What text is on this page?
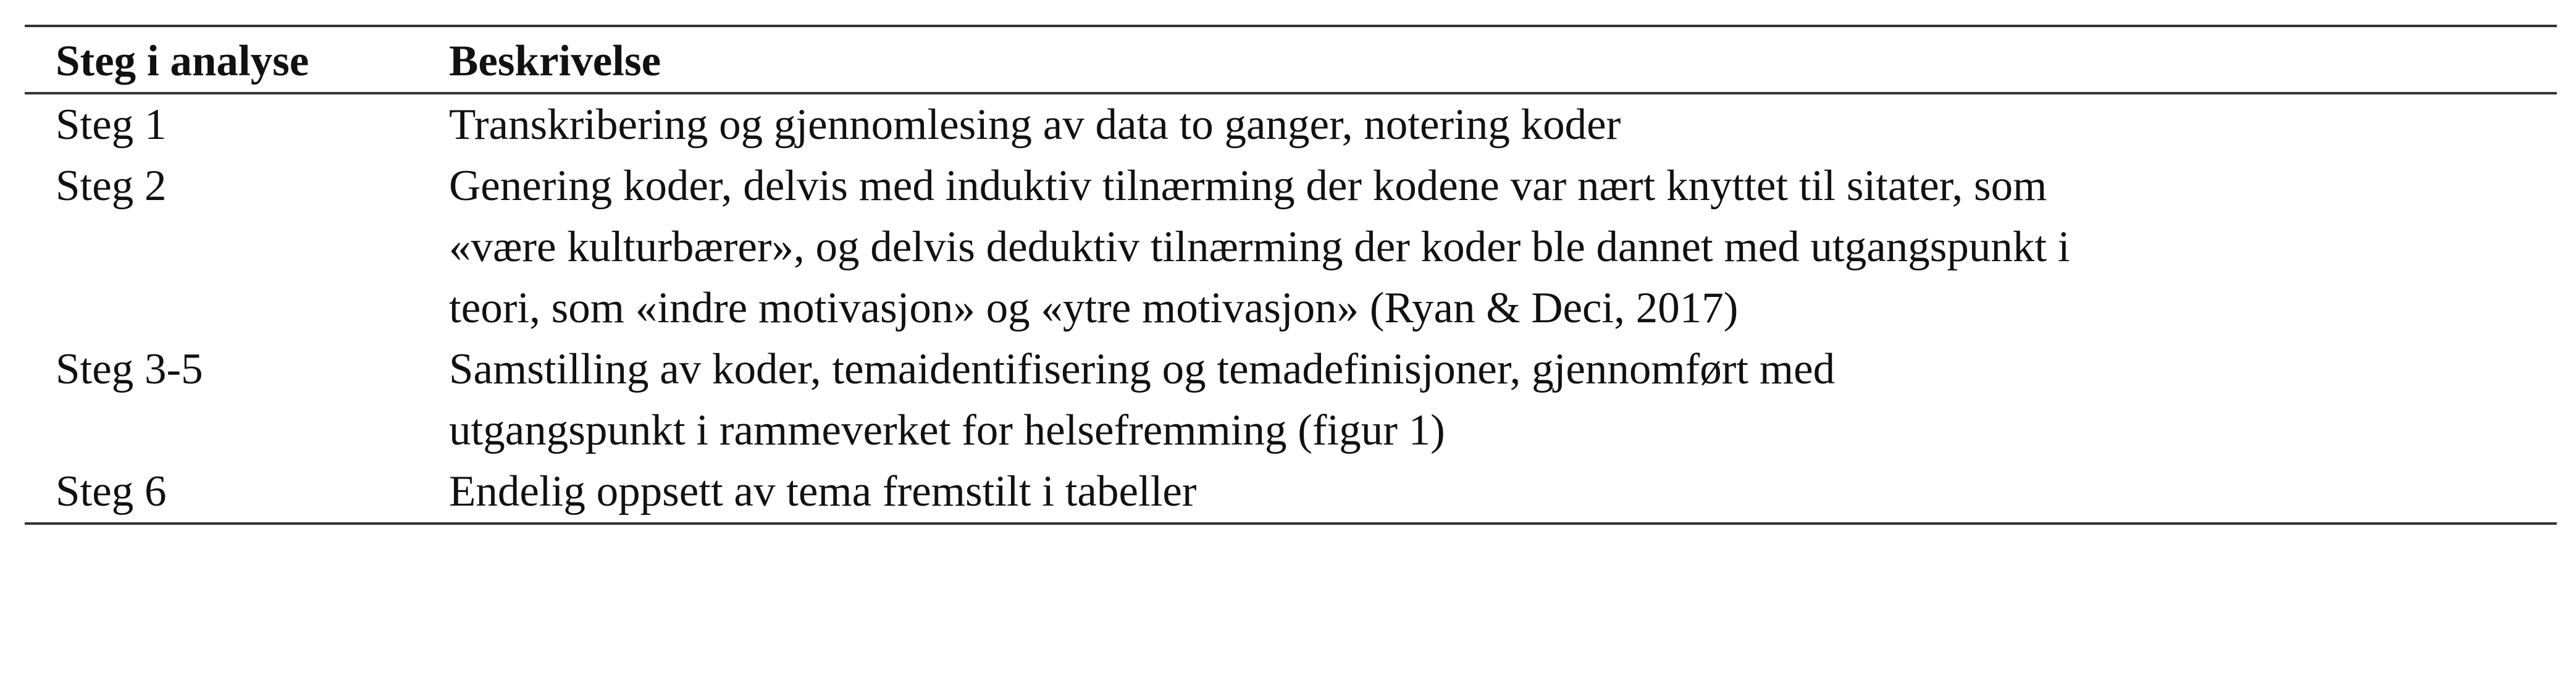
Steg i analyse	Beskrivelse
Steg 1	Transkribering og gjennomlesing av data to ganger, notering koder

Steg 2	Genering koder, delvis med induktiv tilnærming der kodene var nært knyttet til sitater, som
«være kulturbærer», og delvis deduktiv tilnærming der koder ble dannet med utgangspunkt i
teori, som «indre motivasjon» og «ytre motivasjon» (Ryan & Deci, 2017)

Steg 3-5	Samstilling av koder, temaidentifisering og temadefinisjoner, gjennomført med
utgangspunkt i rammeverket for helsefremming (figur 1)

Steg 6	Endelig oppsett av tema fremstilt i tabeller
